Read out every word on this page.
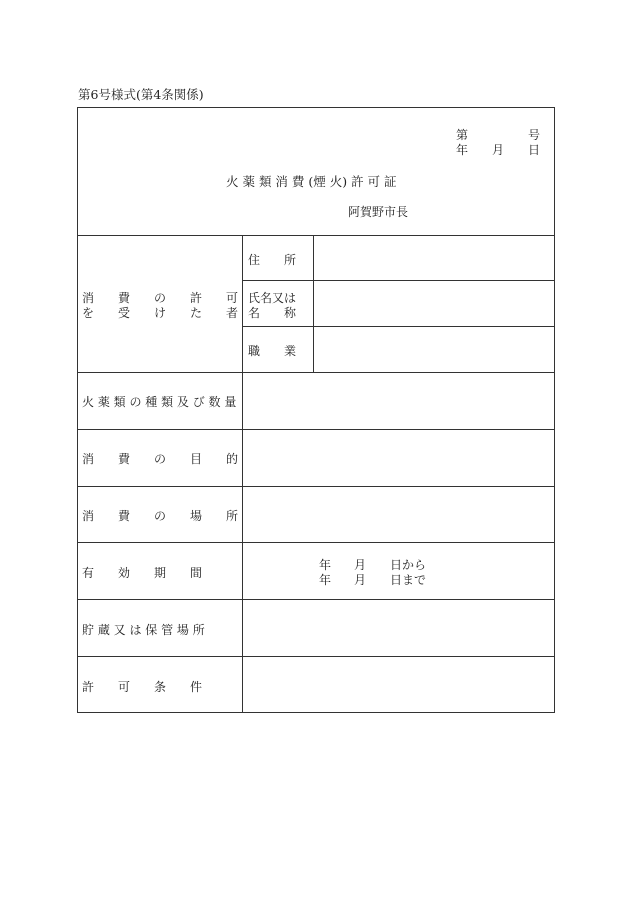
第6号様式(第4条関係)
第	号
年 月 日
火 薬 類 消 費 (煙 火) 許 可 証
阿賀野市長
消　　費　　の　　許　　可
を　　受　　け　　た　　者
住　　所
氏名又は
名　　称
職　　業
火 薬 類 の 種 類 及 び 数 量
消　　費　　の　　目　　的
消　　費　　の　　場　　所
有　　効　　期　　間
貯 蔵 又 は 保 管 場 所
許　　可　　条　　件
年 月 日から
年 月 日まで
